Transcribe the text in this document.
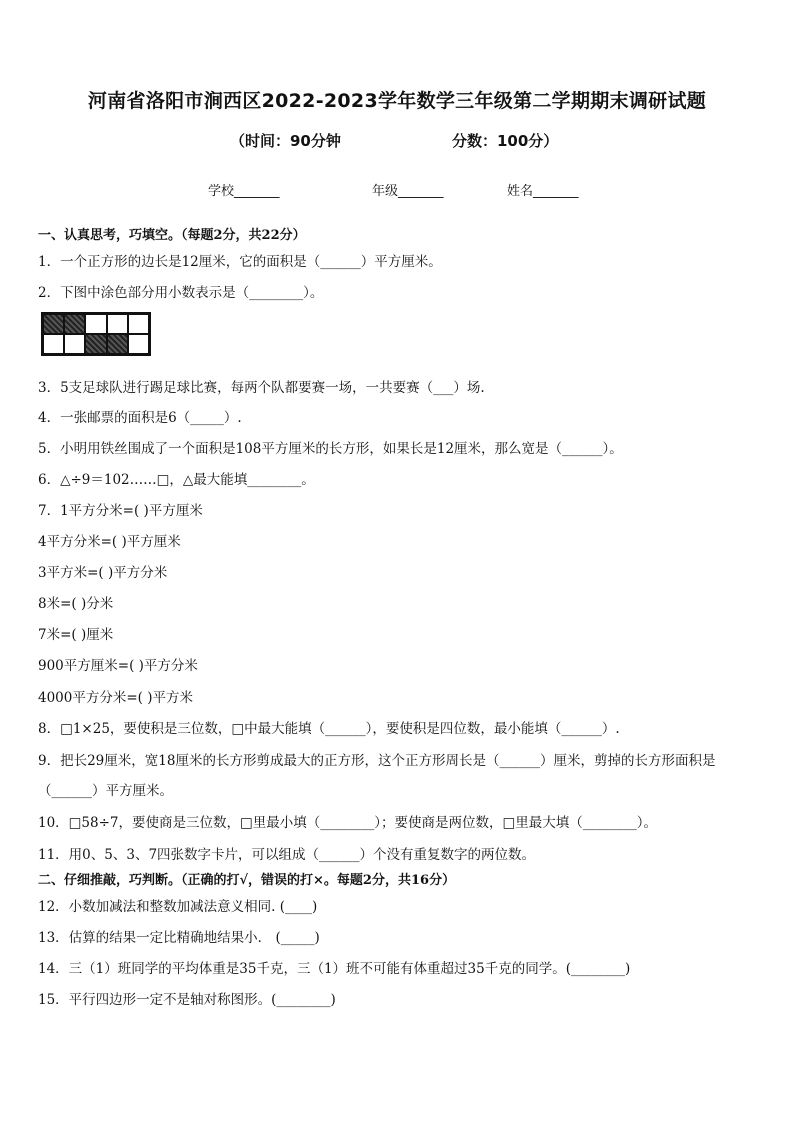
河南省洛阳市涧西区2022-2023学年数学三年级第二学期期末调研试题
（时间：90分钟	分数：100分）
学校_______	年级_______	姓名_______
一、认真思考，巧填空。（每题2分，共22分）
1．一个正方形的边长是12厘米，它的面积是（______）平方厘米。
2．下图中涂色部分用小数表示是（________）。
3．5支足球队进行踢足球比赛，每两个队都要赛一场，一共要赛（___）场.
4．一张邮票的面积是6（_____）.
5．小明用铁丝围成了一个面积是108平方厘米的长方形，如果长是12厘米，那么宽是（______）。
6．△÷9＝102……□，△最大能填________。
7．1平方分米=( )平方厘米
4平方分米=( )平方厘米
3平方米=( )平方分米
8米=( )分米
7米=( )厘米
900平方厘米=( )平方分米
4000平方分米=( )平方米
8．□1×25，要使积是三位数，□中最大能填（______），要使积是四位数，最小能填（______）.
9．把长29厘米，宽18厘米的长方形剪成最大的正方形，这个正方形周长是（______）厘米，剪掉的长方形面积是
（______）平方厘米。
10．□58÷7，要使商是三位数，□里最小填（________）；要使商是两位数，□里最大填（________）。
11．用0、5、3、7四张数字卡片，可以组成（______）个没有重复数字的两位数。
二、仔细推敲，巧判断。（正确的打√，错误的打×。每题2分，共16分）
12．小数加减法和整数加减法意义相同. (____)
13．估算的结果一定比精确地结果小． (_____)
14．三（1）班同学的平均体重是35千克，三（1）班不可能有体重超过35千克的同学。(________)
15．平行四边形一定不是轴对称图形。(________)
